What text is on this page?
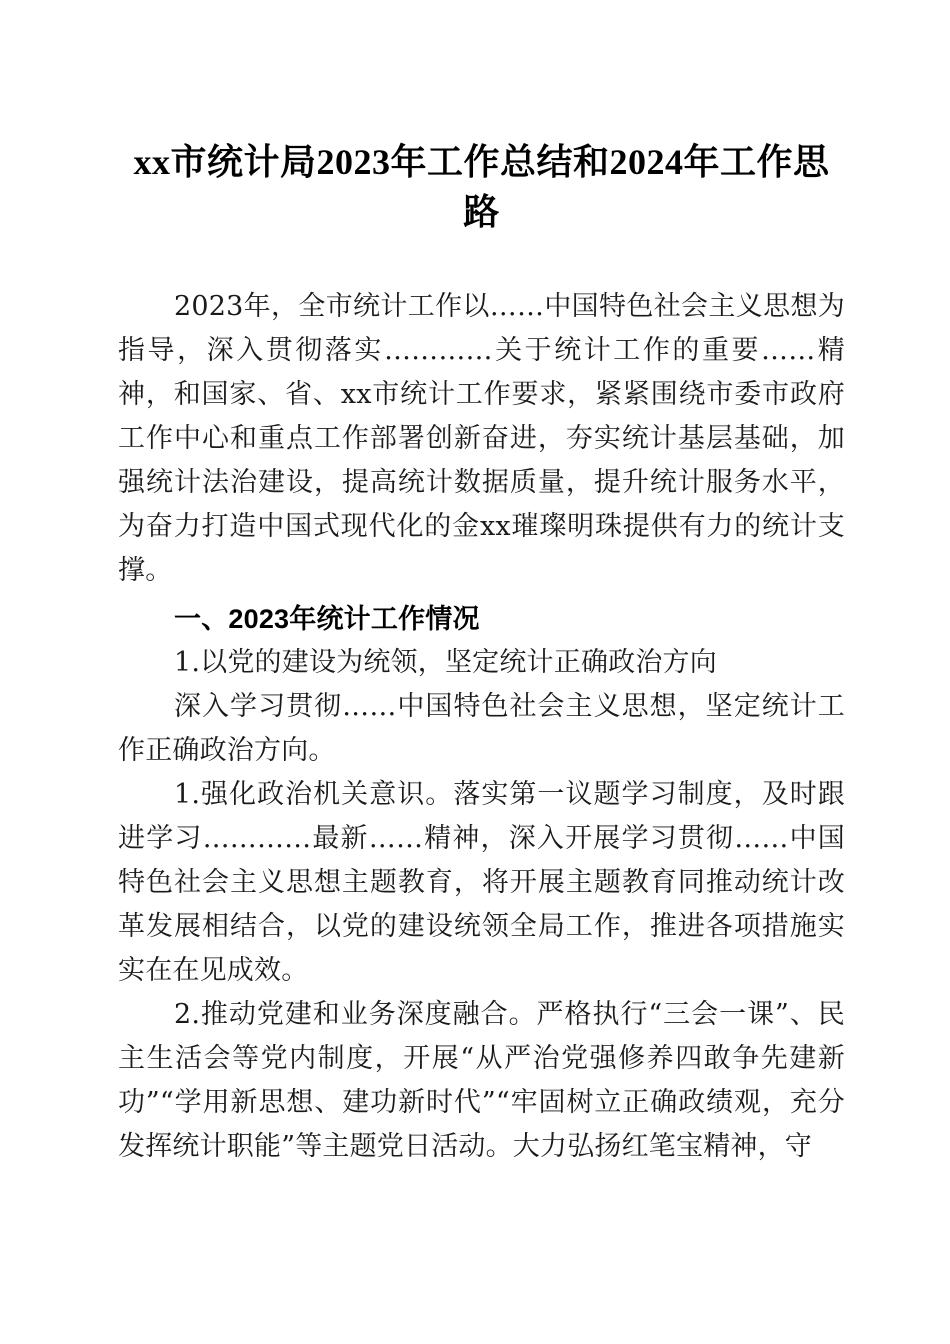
xx市统计局2023年工作总结和2024年工作思路

2023年，全市统计工作以……中国特色社会主义思想为指导，深入贯彻落实…………关于统计工作的重要……精神，和国家、省、xx市统计工作要求，紧紧围绕市委市政府工作中心和重点工作部署创新奋进，夯实统计基层基础，加强统计法治建设，提高统计数据质量，提升统计服务水平，为奋力打造中国式现代化的金xx璀璨明珠提供有力的统计支撑。

一、2023年统计工作情况

1.以党的建设为统领，坚定统计正确政治方向

深入学习贯彻……中国特色社会主义思想，坚定统计工作正确政治方向。

1.强化政治机关意识。落实第一议题学习制度，及时跟进学习…………最新……精神，深入开展学习贯彻……中国特色社会主义思想主题教育，将开展主题教育同推动统计改革发展相结合，以党的建设统领全局工作，推进各项措施实实在在见成效。

2.推动党建和业务深度融合。严格执行“三会一课”、民主生活会等党内制度，开展“从严治党强修养四敢争先建新功”“学用新思想、建功新时代”“牢固树立正确政绩观，充分发挥统计职能”等主题党日活动。大力弘扬红笔宝精神，守
